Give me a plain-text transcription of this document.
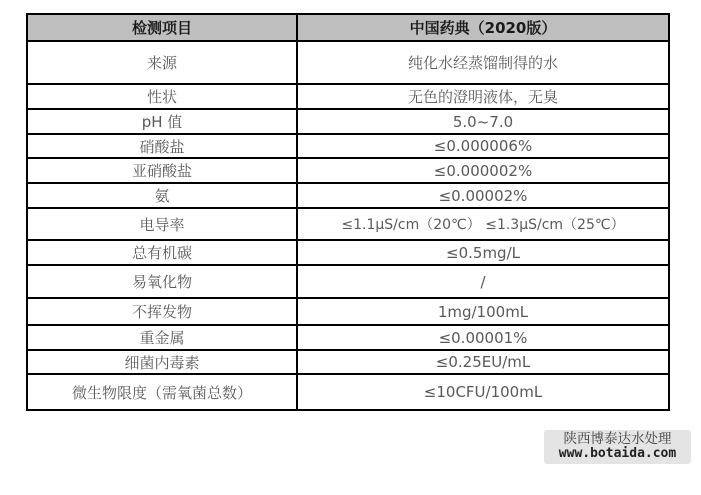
检测项目	中国药典（2020版）
来源	纯化水经蒸馏制得的水
性状	无色的澄明液体，无臭
pH 值	5.0~7.0
硝酸盐	≤0.000006%
亚硝酸盐	≤0.000002%
氨	≤0.00002%
电导率	≤1.1μS/cm（20℃） ≤1.3μS/cm（25℃）
总有机碳	≤0.5mg/L
易氧化物	/
不挥发物	1mg/100mL
重金属	≤0.00001%
细菌内毒素	≤0.25EU/mL
微生物限度（需氧菌总数）	≤10CFU/100mL
陕西博泰达水处理
www.botaida.com
